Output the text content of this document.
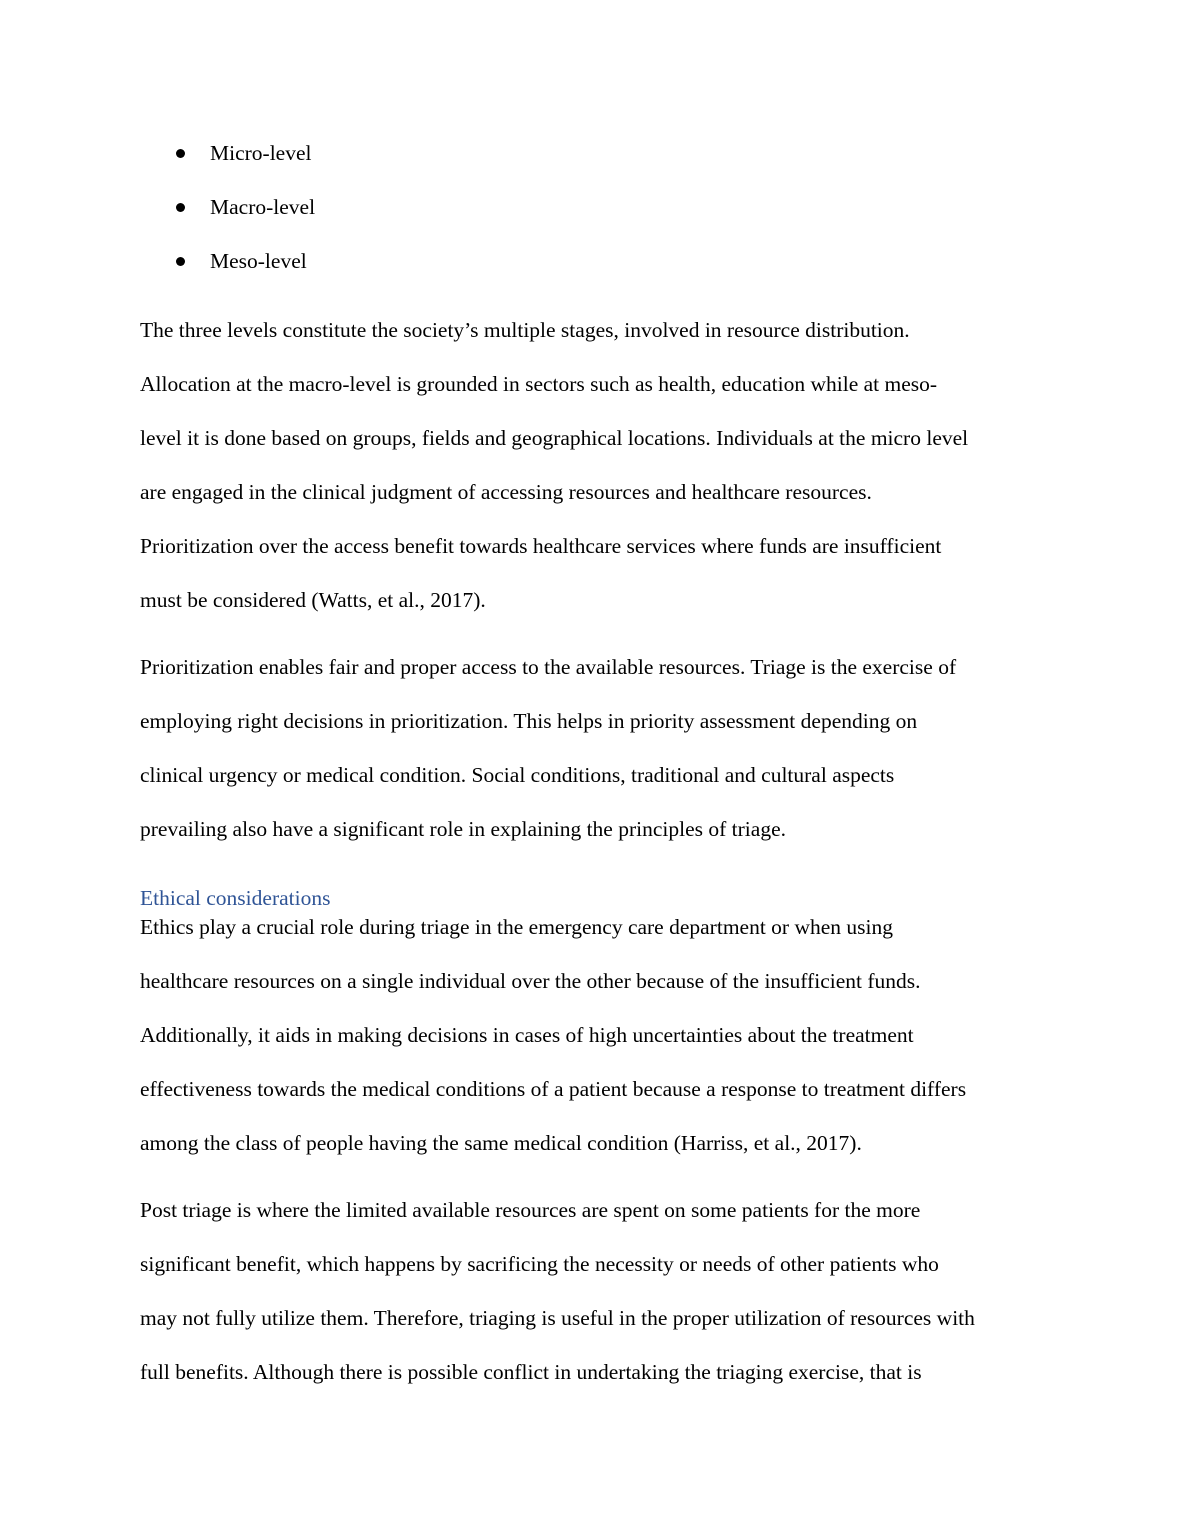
Micro-level
Macro-level
Meso-level

The three levels constitute the society’s multiple stages, involved in resource distribution.
Allocation at the macro-level is grounded in sectors such as health, education while at meso-
level it is done based on groups, fields and geographical locations. Individuals at the micro level
are engaged in the clinical judgment of accessing resources and healthcare resources.
Prioritization over the access benefit towards healthcare services where funds are insufficient
must be considered (Watts, et al., 2017).

Prioritization enables fair and proper access to the available resources. Triage is the exercise of
employing right decisions in prioritization. This helps in priority assessment depending on
clinical urgency or medical condition. Social conditions, traditional and cultural aspects
prevailing also have a significant role in explaining the principles of triage.

Ethical considerations

Ethics play a crucial role during triage in the emergency care department or when using
healthcare resources on a single individual over the other because of the insufficient funds.
Additionally, it aids in making decisions in cases of high uncertainties about the treatment
effectiveness towards the medical conditions of a patient because a response to treatment differs
among the class of people having the same medical condition (Harriss, et al., 2017).

Post triage is where the limited available resources are spent on some patients for the more
significant benefit, which happens by sacrificing the necessity or needs of other patients who
may not fully utilize them. Therefore, triaging is useful in the proper utilization of resources with
full benefits. Although there is possible conflict in undertaking the triaging exercise, that is
